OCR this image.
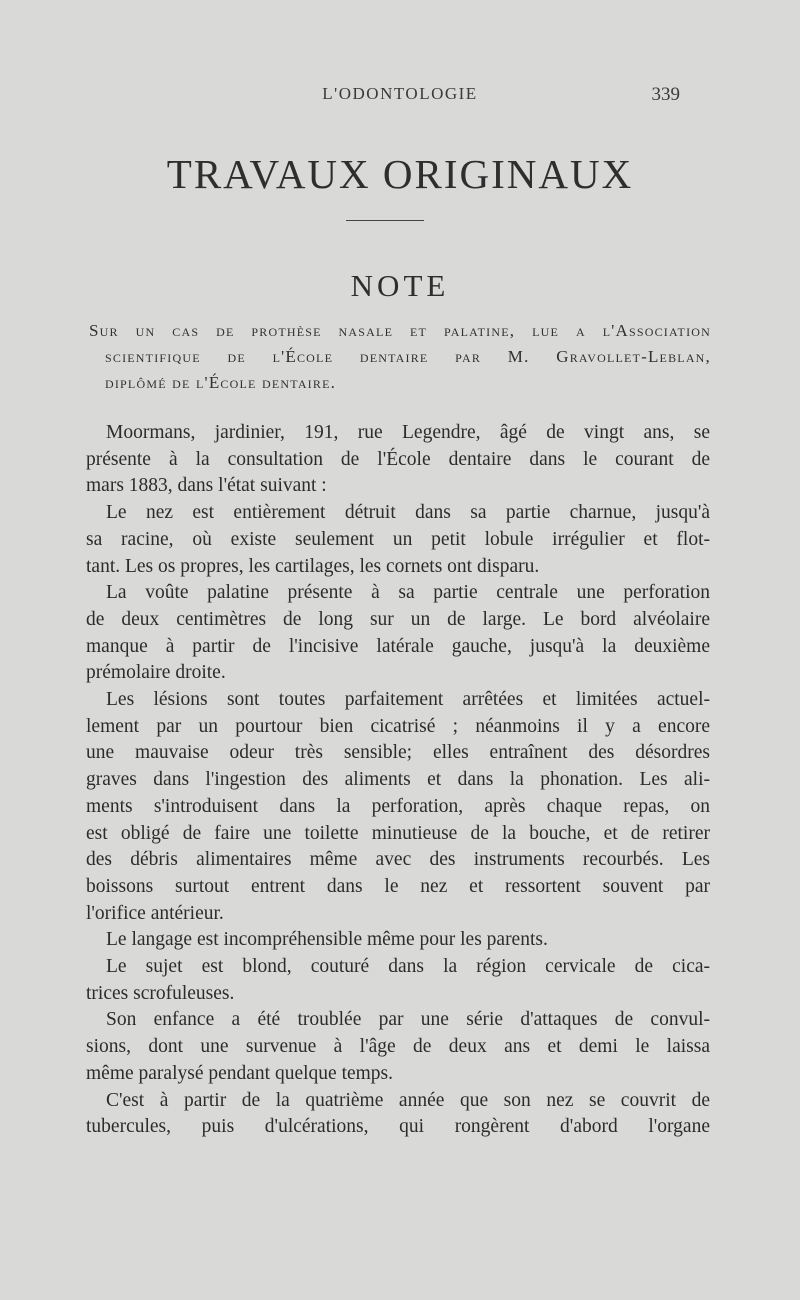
L'ODONTOLOGIE	339
TRAVAUX ORIGINAUX
NOTE
Sur un cas de prothèse nasale et palatine, lue a l'Association
scientifique de l'École dentaire par M. Gravollet-Leblan,
diplômé de l'École dentaire.

Moormans, jardinier, 191, rue Legendre, âgé de vingt ans, se
présente à la consultation de l'École dentaire dans le courant de
mars 1883, dans l'état suivant :

Le nez est entièrement détruit dans sa partie charnue, jusqu'à
sa racine, où existe seulement un petit lobule irrégulier et flot-
tant. Les os propres, les cartilages, les cornets ont disparu.

La voûte palatine présente à sa partie centrale une perforation
de deux centimètres de long sur un de large. Le bord alvéolaire
manque à partir de l'incisive latérale gauche, jusqu'à la deuxième
prémolaire droite.

Les lésions sont toutes parfaitement arrêtées et limitées actuel-
lement par un pourtour bien cicatrisé ; néanmoins il y a encore
une mauvaise odeur très sensible; elles entraînent des désordres
graves dans l'ingestion des aliments et dans la phonation. Les ali-
ments s'introduisent dans la perforation, après chaque repas, on
est obligé de faire une toilette minutieuse de la bouche, et de retirer
des débris alimentaires même avec des instruments recourbés. Les
boissons surtout entrent dans le nez et ressortent souvent par
l'orifice antérieur.

Le langage est incompréhensible même pour les parents.

Le sujet est blond, couturé dans la région cervicale de cica-
trices scrofuleuses.

Son enfance a été troublée par une série d'attaques de convul-
sions, dont une survenue à l'âge de deux ans et demi le laissa
même paralysé pendant quelque temps.

C'est à partir de la quatrième année que son nez se couvrit de
tubercules, puis d'ulcérations, qui rongèrent d'abord l'organe
